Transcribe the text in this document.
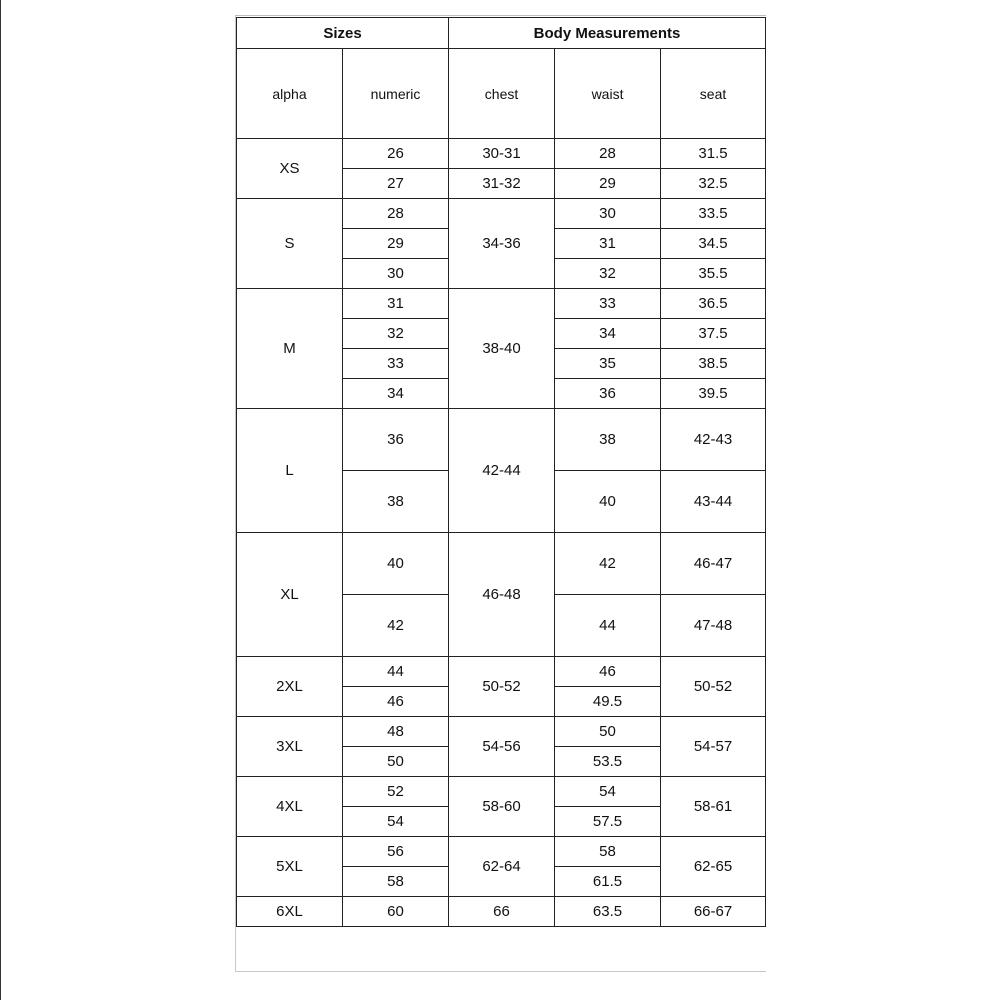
Sizes		Body Measurements		
alpha	numeric	chest	waist	seat
XS	26	30-31	28	31.5
	27	31-32	29	32.5
S	28	34-36	30	33.5
	29		31	34.5
	30		32	35.5
M	31	38-40	33	36.5
	32		34	37.5
	33		35	38.5
	34		36	39.5
L	36	42-44	38	42-43
	38		40	43-44
XL	40	46-48	42	46-47
	42		44	47-48
2XL	44	50-52	46	50-52
	46		49.5	
3XL	48	54-56	50	54-57
	50		53.5	
4XL	52	58-60	54	58-61
	54		57.5	
5XL	56	62-64	58	62-65
	58		61.5	
6XL	60	66	63.5	66-67
